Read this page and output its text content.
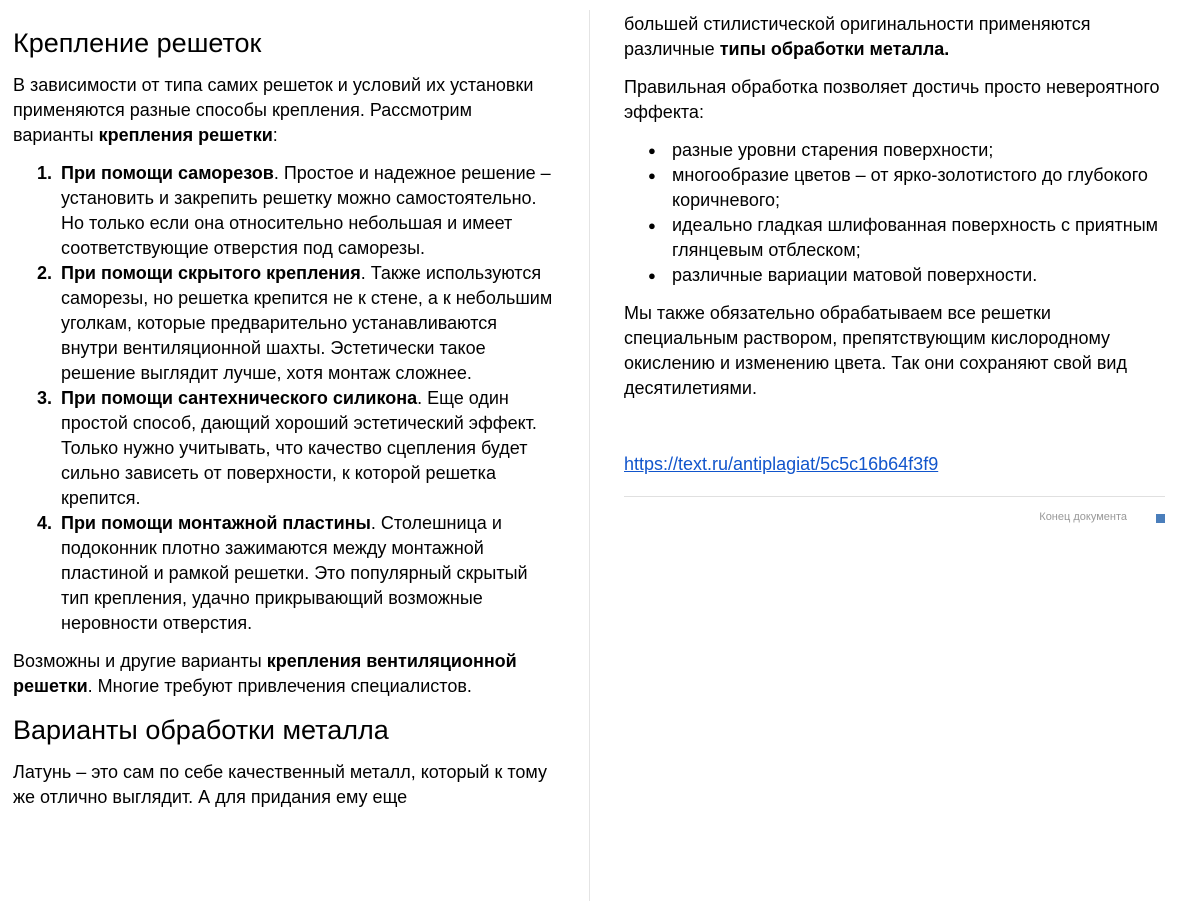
Крепление решеток

В зависимости от типа самих решеток и условий их установки применяются разные способы крепления. Рассмотрим варианты крепления решетки:

1. При помощи саморезов. Простое и надежное решение – установить и закрепить решетку можно самостоятельно. Но только если она относительно небольшая и имеет соответствующие отверстия под саморезы.
2. При помощи скрытого крепления. Также используются саморезы, но решетка крепится не к стене, а к небольшим уголкам, которые предварительно устанавливаются внутри вентиляционной шахты. Эстетически такое решение выглядит лучше, хотя монтаж сложнее.
3. При помощи сантехнического силикона. Еще один простой способ, дающий хороший эстетический эффект. Только нужно учитывать, что качество сцепления будет сильно зависеть от поверхности, к которой решетка крепится.
4. При помощи монтажной пластины. Столешница и подоконник плотно зажимаются между монтажной пластиной и рамкой решетки. Это популярный скрытый тип крепления, удачно прикрывающий возможные неровности отверстия.

Возможны и другие варианты крепления вентиляционной решетки. Многие требуют привлечения специалистов.

Варианты обработки металла

Латунь – это сам по себе качественный металл, который к тому же отлично выглядит. А для придания ему еще

большей стилистической оригинальности применяются различные типы обработки металла.

Правильная обработка позволяет достичь просто невероятного эффекта:

● разные уровни старения поверхности;
● многообразие цветов – от ярко-золотистого до глубокого коричневого;
● идеально гладкая шлифованная поверхность с приятным глянцевым отблеском;
● различные вариации матовой поверхности.

Мы также обязательно обрабатываем все решетки специальным раствором, препятствующим кислородному окислению и изменению цвета. Так они сохраняют свой вид десятилетиями.

https://text.ru/antiplagiat/5c5c16b64f3f9

Конец документа
